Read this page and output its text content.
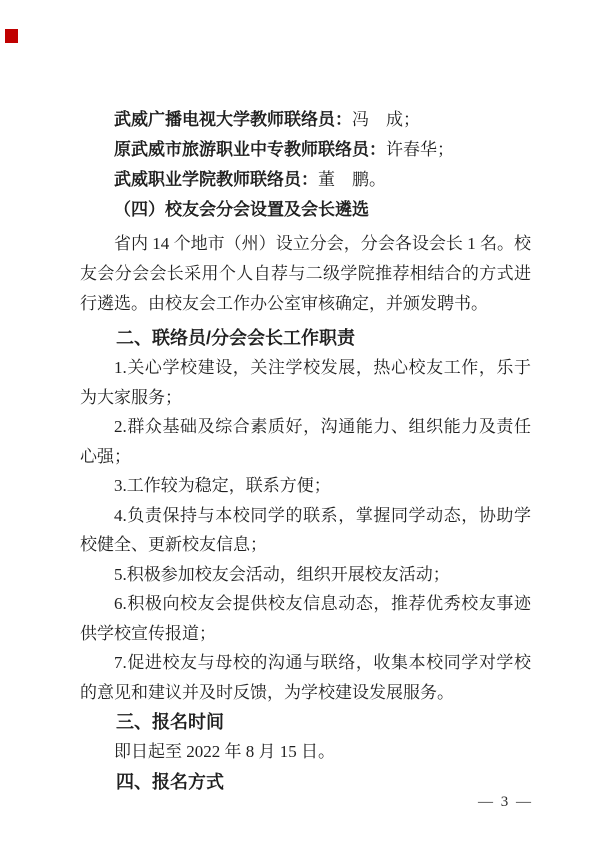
武威广播电视大学教师联络员：冯　成；

原武威市旅游职业中专教师联络员：许春华；

武威职业学院教师联络员：董　鹏。

（四）校友会分会设置及会长遴选

省内 14 个地市（州）设立分会，分会各设会长 1 名。校友会分会会长采用个人自荐与二级学院推荐相结合的方式进行遴选。由校友会工作办公室审核确定，并颁发聘书。

二、联络员/分会会长工作职责

1.关心学校建设，关注学校发展，热心校友工作，乐于为大家服务；

2.群众基础及综合素质好，沟通能力、组织能力及责任心强；

3.工作较为稳定，联系方便；

4.负责保持与本校同学的联系，掌握同学动态，协助学校健全、更新校友信息；

5.积极参加校友会活动，组织开展校友活动；

6.积极向校友会提供校友信息动态，推荐优秀校友事迹供学校宣传报道；

7.促进校友与母校的沟通与联络，收集本校同学对学校的意见和建议并及时反馈，为学校建设发展服务。

三、报名时间

即日起至 2022 年 8 月 15 日。

四、报名方式

— 3 —
